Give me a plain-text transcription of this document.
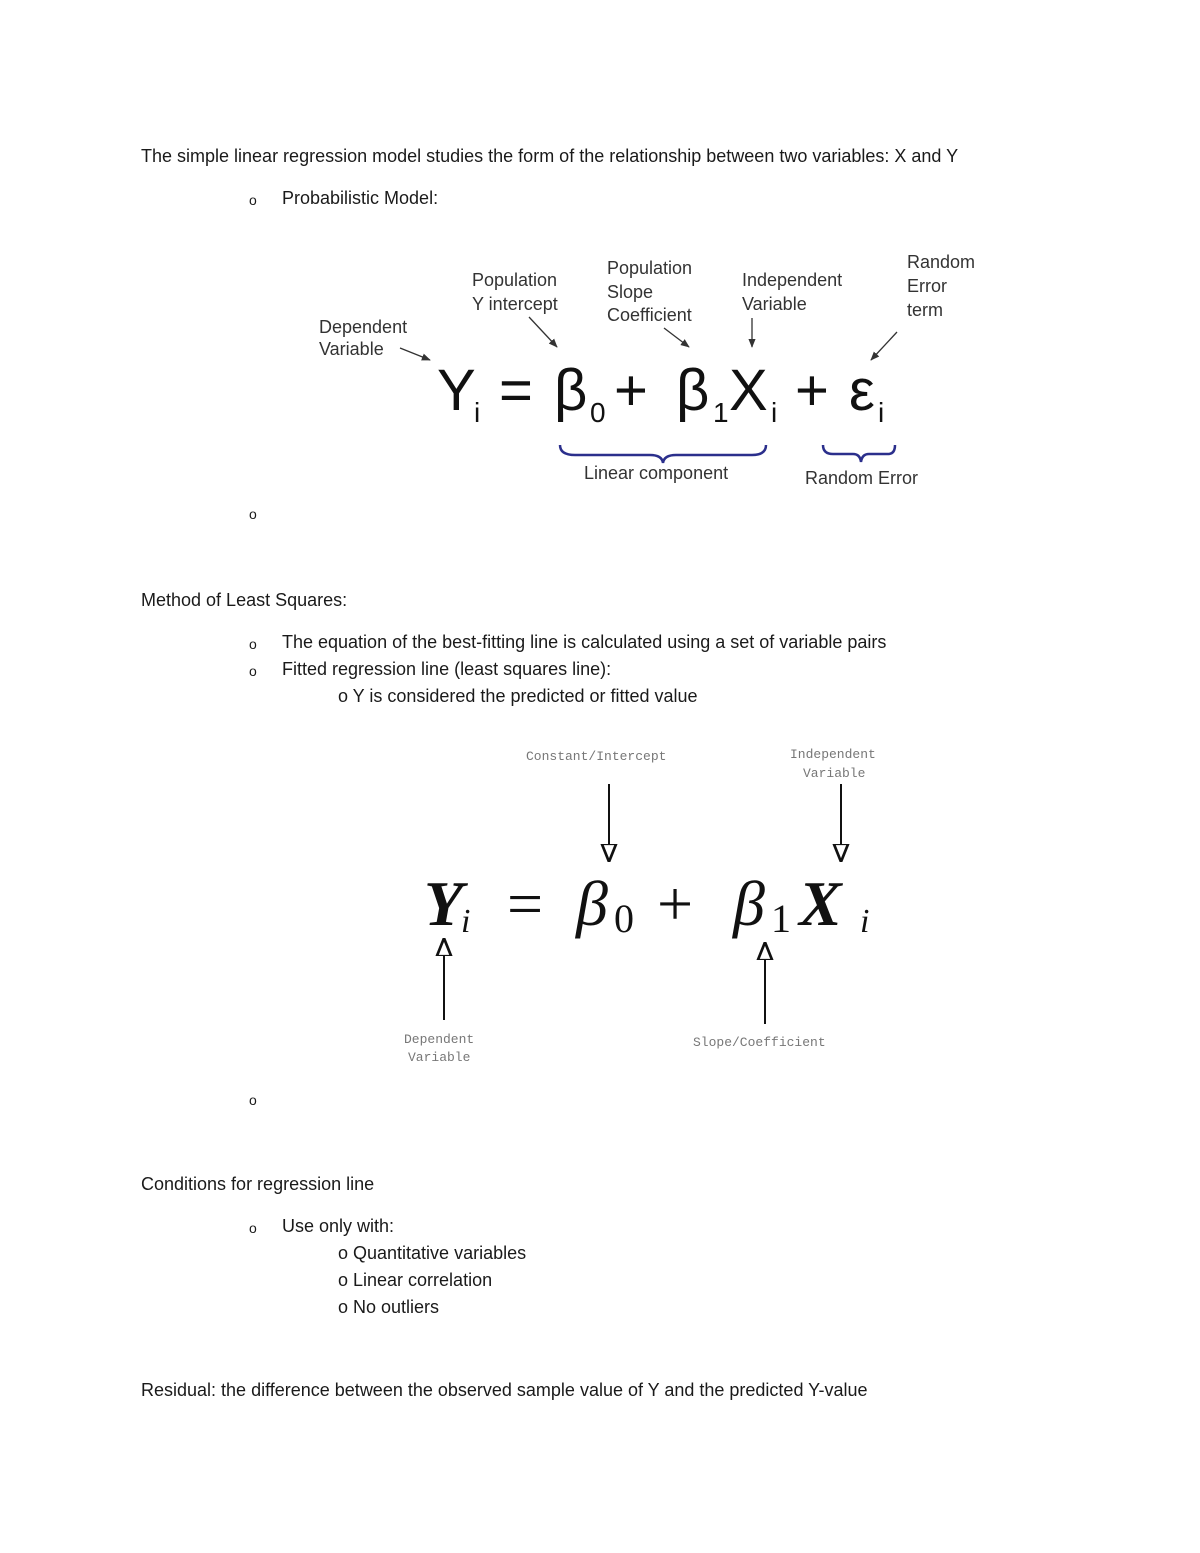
The simple linear regression model studies the form of the relationship between two variables: X and Y
o Probabilistic Model:
Dependent
Variable
Population
Y intercept
Population
Slope
Coefficient
Independent
Variable
Random
Error
term
Y
i = β 0 + β 1 X i + ε i
Linear component	Random Error
Constant/Intercept	Independent
Variable
Y
i = β 0 + β 1 X i
Dependent
Variable
Slope/Coefficient
o
Method of Least Squares:
o The equation of the best-fitting line is calculated using a set of variable pairs
o Fitted regression line (least squares line):
o Y is considered the predicted or fitted value
o
Conditions for regression line
o Use only with:
o Quantitative variables
o Linear correlation
o No outliers
Residual: the difference between the observed sample value of Y and the predicted Y-value
